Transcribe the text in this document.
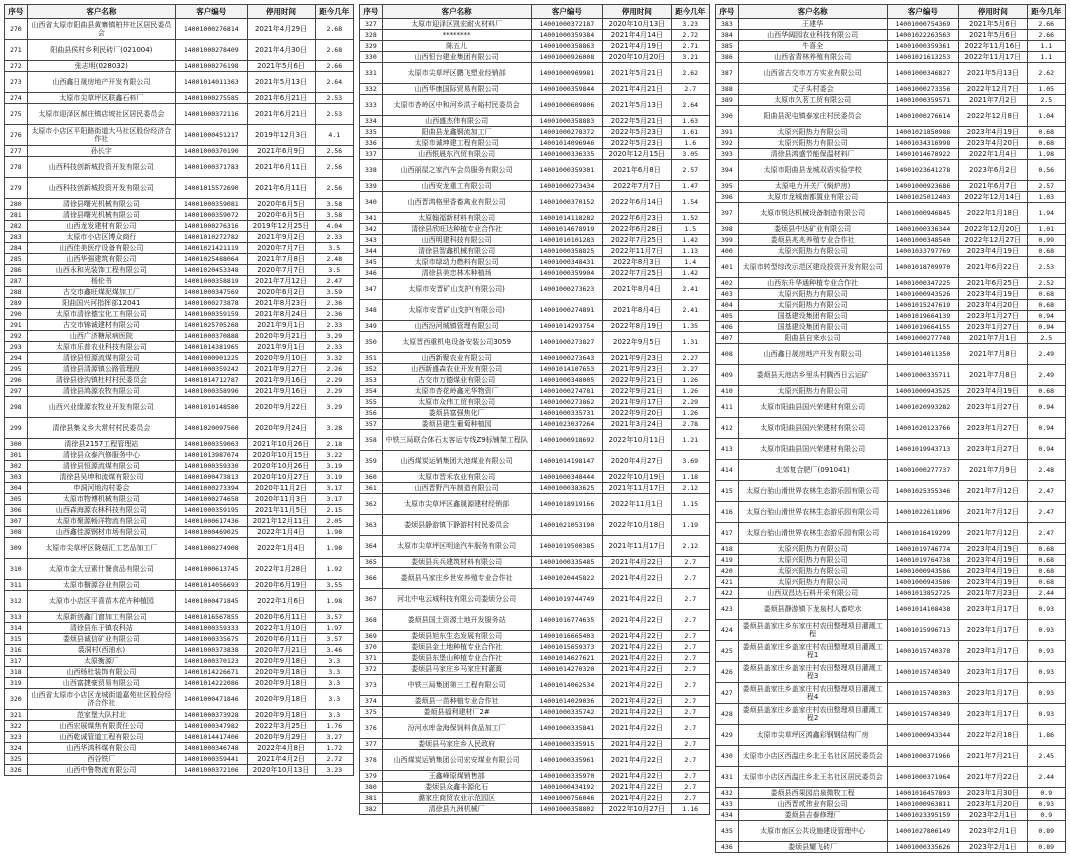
序号	客户名称	客户编号	停用时间	距今几年
270	山西省太原市阳曲县黄寨镇柏井社区居民委员会	14001000276814	2021年4月29日	2.68
271	阳曲县侯村乡利民砖厂(021004)	14001000278409	2021年4月30日	2.68
272	张志明(028032)	14001000276198	2021年5月6日	2.66
273	山西鑫日晟房地产开发有限公司	14001014011363	2021年5月13日	2.64
274	太原市尖草坪区联鑫石料厂	14001000275585	2021年6月21日	2.53
275	太原市迎泽区郝庄镇店坡社区居民委员会	14001000372116	2021年6月21日	2.53
276	太原市小店区平阳路街道大马社区股份经济合作社	14001000451217	2019年12月3日	4.1
277	孙长宇	14001000370190	2021年6月9日	2.56
278	山西科技创新城投资开发有限公司	14001000371783	2021年6月11日	2.56
279	山西科技创新城投资开发有限公司	14001015572690	2021年6月11日	2.56
280	清徐县曙光机械有限公司	14001000359081	2020年6月5日	3.58
281	清徐县曙光机械有限公司	14001000359072	2020年6月5日	3.58
282	山西龙发建材有限公司	14001000276316	2019年12月25日	4.04
283	太原市小店区博众商行	14001010272782	2021年9月2日	2.33
284	山西佳美医疗设备有限公司	14001021421119	2020年7月7日	3.5
285	山西华强建筑有限公司	14001025488064	2021年7月8日	2.48
286	山西永和光装饰工程有限公司	14001020453348	2020年7月7日	3.5
287	杨伦书	14001000358819	2021年7月12日	2.47
288	古交市鑫旺煤泥煤加工厂	14001000347569	2020年6月2日	3.59
289	阳曲国兴河指挥部12041	14001000273878	2021年8月23日	2.36
290	太原市清徐德宝化工有限公司	14001000359159	2021年8月24日	2.36
291	古交市锦诚建材有限公司	14001025705268	2021年9月1日	2.33
292	山西广济糖尿病医院	14001000370888	2020年9月21日	3.29
293	太原市乐普农业科技有限公司	14001014381965	2021年9月1日	2.33
294	清徐县恒源流煤有限公司	14001000901225	2020年9月10日	3.32
295	清徐县清源镇公路管理段	14001000359242	2021年9月27日	2.26
296	清徐县徐沟镇杜村村民委员会	14001014712787	2021年9月16日	2.29
297	清徐县鸿源农牧有限公司	14001000358996	2021年9月16日	2.29
298	山西兴业缘源农牧业开发有限公司	14001010148580	2020年9月22日	3.29
299	清徐县集义乡大常村村民委员会	14001020097560	2020年9月24日	3.28
300	清徐县2157工程管理站	14001000359063	2021年10月26日	2.18
301	清徐县众泰汽修服务中心	14001013987074	2020年10月15日	3.22
302	清徐县恒源流煤有限公司	14001000359330	2020年10月26日	3.19
303	清徐县吴坤和流煤有限公司	14001000473813	2020年10月27日	3.19
304	申洞河地沟村委会	14001000273394	2020年11月2日	3.17
305	太原市物博机械有限公司	14001000274658	2020年11月3日	3.17
306	山西森海源农林科技有限公司	14001000359195	2021年11月5日	2.15
307	太原市聚源畅洋物流有限公司	14001000617436	2021年12月11日	2.05
308	山西鑫佳源钢材市场有限公司	14001000469025	2022年1月4日	1.98
309	太原市尖草坪区陇菇汇工艺品加工厂	14001000274908	2022年1月4日	1.98
310	太原市金大豆素什餐食品有限公司	14001000613745	2022年1月28日	1.92
311	太原市橱源谷业有限公司	14001014056693	2020年6月19日	3.55
312	太原市小店区平喜苗木花卉种植园	14001000471845	2022年1月6日	1.98
313	太原新创鑫门窗加工有限公司	14001016567855	2020年6月11日	3.57
314	清徐县东于镇农科站	14001000359333	2022年1月10日	1.97
315	娄烦县诚信矿业有限公司	14001000335675	2020年6月11日	3.57
316	裘洞村(西油水)	14001000373838	2020年7月21日	3.46
317	太原衡源厂	14001000370123	2020年9月18日	3.3
318	山西杨杜装饰有限公司	14001014226671	2020年9月18日	3.3
319	山西富捷豪贸易有限公司	14001014222086	2020年9月18日	3.3
320	山西省太原市小店区龙城街道嘉苑社区股份经济合作社	14001000471846	2020年9月18日	3.3
321	范家堡大队村北	14001000373928	2020年9月18日	3.3
322	山西宏展煤焦有限责任公司	14001000347982	2022年3月25日	1.76
323	山西乾诚管道工程有限公司	14001014417406	2020年9月29日	3.27
324	山西华鸿科煤有限公司	14001000346748	2022年4月8日	1.72
325	西谷铁厂	14001000359441	2021年4月2日	2.72
326	山西中鲁物流有限公司	14001000372106	2020年10月13日	3.23
序号	客户名称	客户编号	停用时间	距今几年
327	太原市迎泽区凯宏耐火材料厂	14001000372187	2020年10月13日	3.23
328	********	14001000359384	2021年4月14日	2.72
329	陈五儿	14001000358863	2021年4月19日	2.71
330	山西恒台建业集团有限公司	14001000926008	2020年10月20日	3.21
331	太原市尖草坪区鹏飞塑业经销部	14001000969981	2021年5月21日	2.62
332	山西华康国际贸易有限公司	14001000359844	2021年4月21日	2.7
333	太原市杏岭区中和河乡洪子峪村民委员会	14001000609806	2021年5月13日	2.64
334	山西盛杰伟有限公司	14001000358883	2022年5月21日	1.63
335	阳曲县龙鑫铜流加工厂	14001000278372	2022年5月23日	1.61
336	太原市诚坤建工程有限公司	14001014096946	2022年5月23日	1.6
337	山西银晨东汽贸有限公司	14001000336335	2020年12月15日	3.05
338	山西丽屋之家汽车会员服务有限公司	14001000359301	2021年6月8日	2.57
339	山西安龙重工有限公司	14001000273434	2022年7月7日	1.47
340	山西晋鸿格里香畜禽业有限公司	14001000370152	2022年6月14日	1.54
341	太原翰福新材料有限公司	14001014118282	2022年6月23日	1.52
342	清徐县欣旺达种植专业合作社	14001014678919	2022年6月28日	1.5
343	山西明建科技有限公司	14001010101283	2022年7月25日	1.42
344	清徐县智鑫机械有限公司	14001000358825	2022年11月7日	1.13
345	太原市绿动力燃料有限公司	14001000348431	2022年8月3日	1.4
346	清徐县美忠林木种植场	14001000359904	2022年7月25日	1.42
347	太原市安晋矿山支护(有限公司)	14001000273623	2021年8月4日	2.41
348	太原市安晋矿山支护(有限公司)	14001000274891	2021年8月4日	2.41
349	山西汾河城镇管理有限公司	14001014293754	2022年8月19日	1.35
350	太原晋西重机电设备安装公司3059	14001000273827	2022年9月5日	1.31
351	山西新聚农业有限公司	14001000273643	2021年9月23日	2.27
352	山西新盛森农业开发有限公司	14001014107653	2021年9月23日	2.27
353	古交市万德煤业有限公司	14001000348005	2022年9月21日	1.26
354	太原市杏花岭鑫光华物资厂	14001000274781	2022年9月21日	1.26
355	太原市众伟工贸有限公司	14001000273862	2021年9月17日	2.29
356	娄烦县富强焦化厂	14001000335731	2022年9月20日	1.26
357	娄烦县建生葡萄种植园	14001023037264	2021年3月24日	2.78
358	中铁三局联合体石太客运专线Z9标铺架工程队	14001000918692	2022年10月11日	1.21
359	山西煤炭运销集团大池煤业有限公司	14001014198147	2020年4月27日	3.69
360	太原市晋禾农业有限公司	14001000348444	2022年10月19日	1.18
361	山西晋野汽车制造有限公司	14001000383625	2021年11月17日	2.12
362	太原市尖草坪区鑫晟源建材经销部	14001018919166	2022年11月1日	1.15
363	娄烦县静游镇下静游村村民委员会	14001021053190	2022年10月18日	1.19
364	太原市尖草坪区明途汽车服务有限公司	14001019500385	2021年11月17日	2.12
365	娄烦县兵兵建筑材料有限公司	14001000335485	2021年4月22日	2.7
366	娄烦县马家庄乡世安养殖专业合作社	14001020445822	2021年4月22日	2.7
367	河北中电云城科技有限公司娄烦分公司	14001019744749	2021年4月22日	2.7
368	娄烦县国土资源土地开发服务站	14001016774635	2021年4月22日	2.7
369	娄烦县旭东生态发展有限公司	14001016665403	2021年4月22日	2.7
370	娄烦县金土地种植专业合作社	14001015659373	2021年4月22日	2.7
371	娄烦县东堡山种植专业合作社	14001014627621	2021年4月22日	2.7
372	娄烦县马家庄乡马家庄村灌溉	14001014270320	2021年4月22日	2.7
373	中铁三局集团第三工程有限公司	14001014062534	2021年4月22日	2.7
374	娄烦县一苗种植专业合作社	14001014029036	2021年4月22日	2.7
375	娄烦县福利建材厂2#	14001000335742	2021年4月22日	2.7
376	汾河水库金海保饲料食品加工厂	14001000335841	2021年4月22日	2.7
377	娄烦县马家庄乡人民政府	14001000335915	2021年4月22日	2.7
378	山西煤炭运销集团公司宏安煤业有限公司	14001000335961	2021年4月22日	2.7
379	王鑫峰原煤销售部	14001000335970	2021年4月22日	2.7
380	娄烦县众鑫丰源化石	14001000434192	2021年4月22日	2.7
381	潞家庄商贸农业示范园区	14001000756046	2021年4月22日	2.7
382	清徐县九洲机械厂	14001000358802	2022年10月27日	1.16
序号	客户名称	客户编号	停用时间	距今几年
383	王建华	14001000754369	2021年5月6日	2.66
384	山西华阔园农业科技有限公司	14001022263563	2021年5月6日	2.66
385	牛喜全	14001000359361	2022年11月16日	1.1
386	山西省青林养殖有限公司	14001021613253	2022年11月17日	1.1
387	山西省古交市万方实业有限公司	14001000346827	2021年5月13日	2.62
388	丈子头村委会	14001000273356	2022年12月7日	1.05
389	太原市久茗工贸有限公司	14001000359571	2021年7月2日	2.5
390	阳曲县泥屯镇泰家庄村民委员会	14001000276614	2022年12月8日	1.04
391	太原兴阳热力有限公司	14001021850986	2023年4月19日	0.68
392	太原兴阳热力有限公司	14001034316998	2023年4月20日	0.68
393	清徐县鸿盛节能保温材料厂	14001014678922	2022年1月4日	1.98
394	太原市阳曲县龙城双语实验学校	14001023641278	2023年6月2日	0.56
395	太原电力开关厂(焖炉房)	14001000923686	2021年6月7日	2.57
396	太原市龙城南都置业有限公司	14001025012403	2022年12月14日	1.03
397	太原市锐达机械设备制造有限公司	14001000946845	2022年1月18日	1.94
398	娄烦县中达矿业有限公司	14001000336344	2022年12月20日	1.01
399	娄烦县兆兆养殖专业合作社	14001000348540	2022年12月27日	0.99
400	太原兴阳热力有限公司	14001033797769	2023年4月19日	0.68
401	太原市转型综改示范区建设投资开发有限公司	14001018709970	2021年6月22日	2.53
402	山西东升华通种植专业合作社	14001000347225	2021年6月25日	2.52
403	太原兴阳热力有限公司	14001000943526	2023年4月19日	0.68
404	太原兴阳热力有限公司	14001015247619	2023年4月20日	0.68
405	国基建设集团有限公司	14001019664139	2023年1月27日	0.94
406	国基建设集团有限公司	14001019664155	2023年1月27日	0.94
407	阳曲县自来水公司	14001000277748	2021年7月1日	2.5
408	山西鑫日晟房地产开发有限公司	14001014011350	2021年7月8日	2.49
409	娄烦县天池店乡里头村腾西日云运矿	14001000335711	2021年7月8日	2.49
410	太原兴阳热力有限公司	14001000943525	2023年4月19日	0.68
411	太原市阳曲县国兴荣建材有限公司	14001020993282	2023年1月27日	0.94
412	太原市阳曲县国兴荣建材有限公司	14001020123766	2023年1月27日	0.94
413	太原市阳曲县国兴荣建材有限公司	14001019943713	2023年1月27日	0.94
414	北郊复合肥厂(091041)	14001000277737	2021年7月9日	2.48
415	太原台骀山滑世界农林生态游乐园有限公司	14001025355346	2021年7月12日	2.47
416	太原台骀山滑世界农林生态游乐园有限公司	14001022611896	2021年7月12日	2.47
417	太原台骀山滑世界农林生态游乐园有限公司	14001016419299	2021年7月12日	2.47
418	太原兴阳热力有限公司	14001019746774	2023年4月19日	0.68
419	太原兴阳热力有限公司	14001019764738	2023年4月19日	0.68
420	太原兴阳热力有限公司	14001000943586	2023年4月19日	0.68
421	太原兴阳热力有限公司	14001000943586	2023年4月19日	0.68
422	山西双昌达石料开采有限公司	14001013852725	2021年7月23日	2.44
423	娄烦县静游镇下龙泉村人畜吃水	14001014108438	2023年1月17日	0.93
424	娄烦县盖家庄乡东家庄村农田整理项目灌溉工程	14001015996713	2023年1月17日	0.93
425	娄烦县盖家庄乡盖家庄村农田整理项目灌溉工程1	14001015740378	2023年1月17日	0.93
426	娄烦县盖家庄乡盖家庄村农田整理项目灌溉工程3	14001015740349	2023年1月17日	0.93
427	娄烦县盖家庄乡盖家庄村农田整理项目灌溉工程4	14001015740303	2023年1月17日	0.93
428	娄烦县盖家庄乡盖家庄村农田整理项目灌溉工程2	14001015740349	2023年1月17日	0.93
429	太原市尖草坪区鸿鑫彩钢钢结构厂房	14001000943344	2022年2月18日	1.86
430	太原市小店区西温庄乡北王名社区居民委员会	14001000371966	2021年7月21日	2.45
431	太原市小店区西温庄乡北王名社区居民委员会	14001000371964	2021年7月22日	2.44
432	娄烦县西果园启泉微牧工程	14001016457893	2023年1月30日	0.9
433	山西晋贰伟业有限公司	14001000963811	2023年1月20日	0.93
434	娄烦县吉泰修理厂	14001023395159	2023年2月1日	0.9
435	太原市南区公共设施建设管理中心	14001027806149	2023年2月1日	0.89
436	娄烦县耀飞砖厂	14001000335626	2023年2月1日	0.89
